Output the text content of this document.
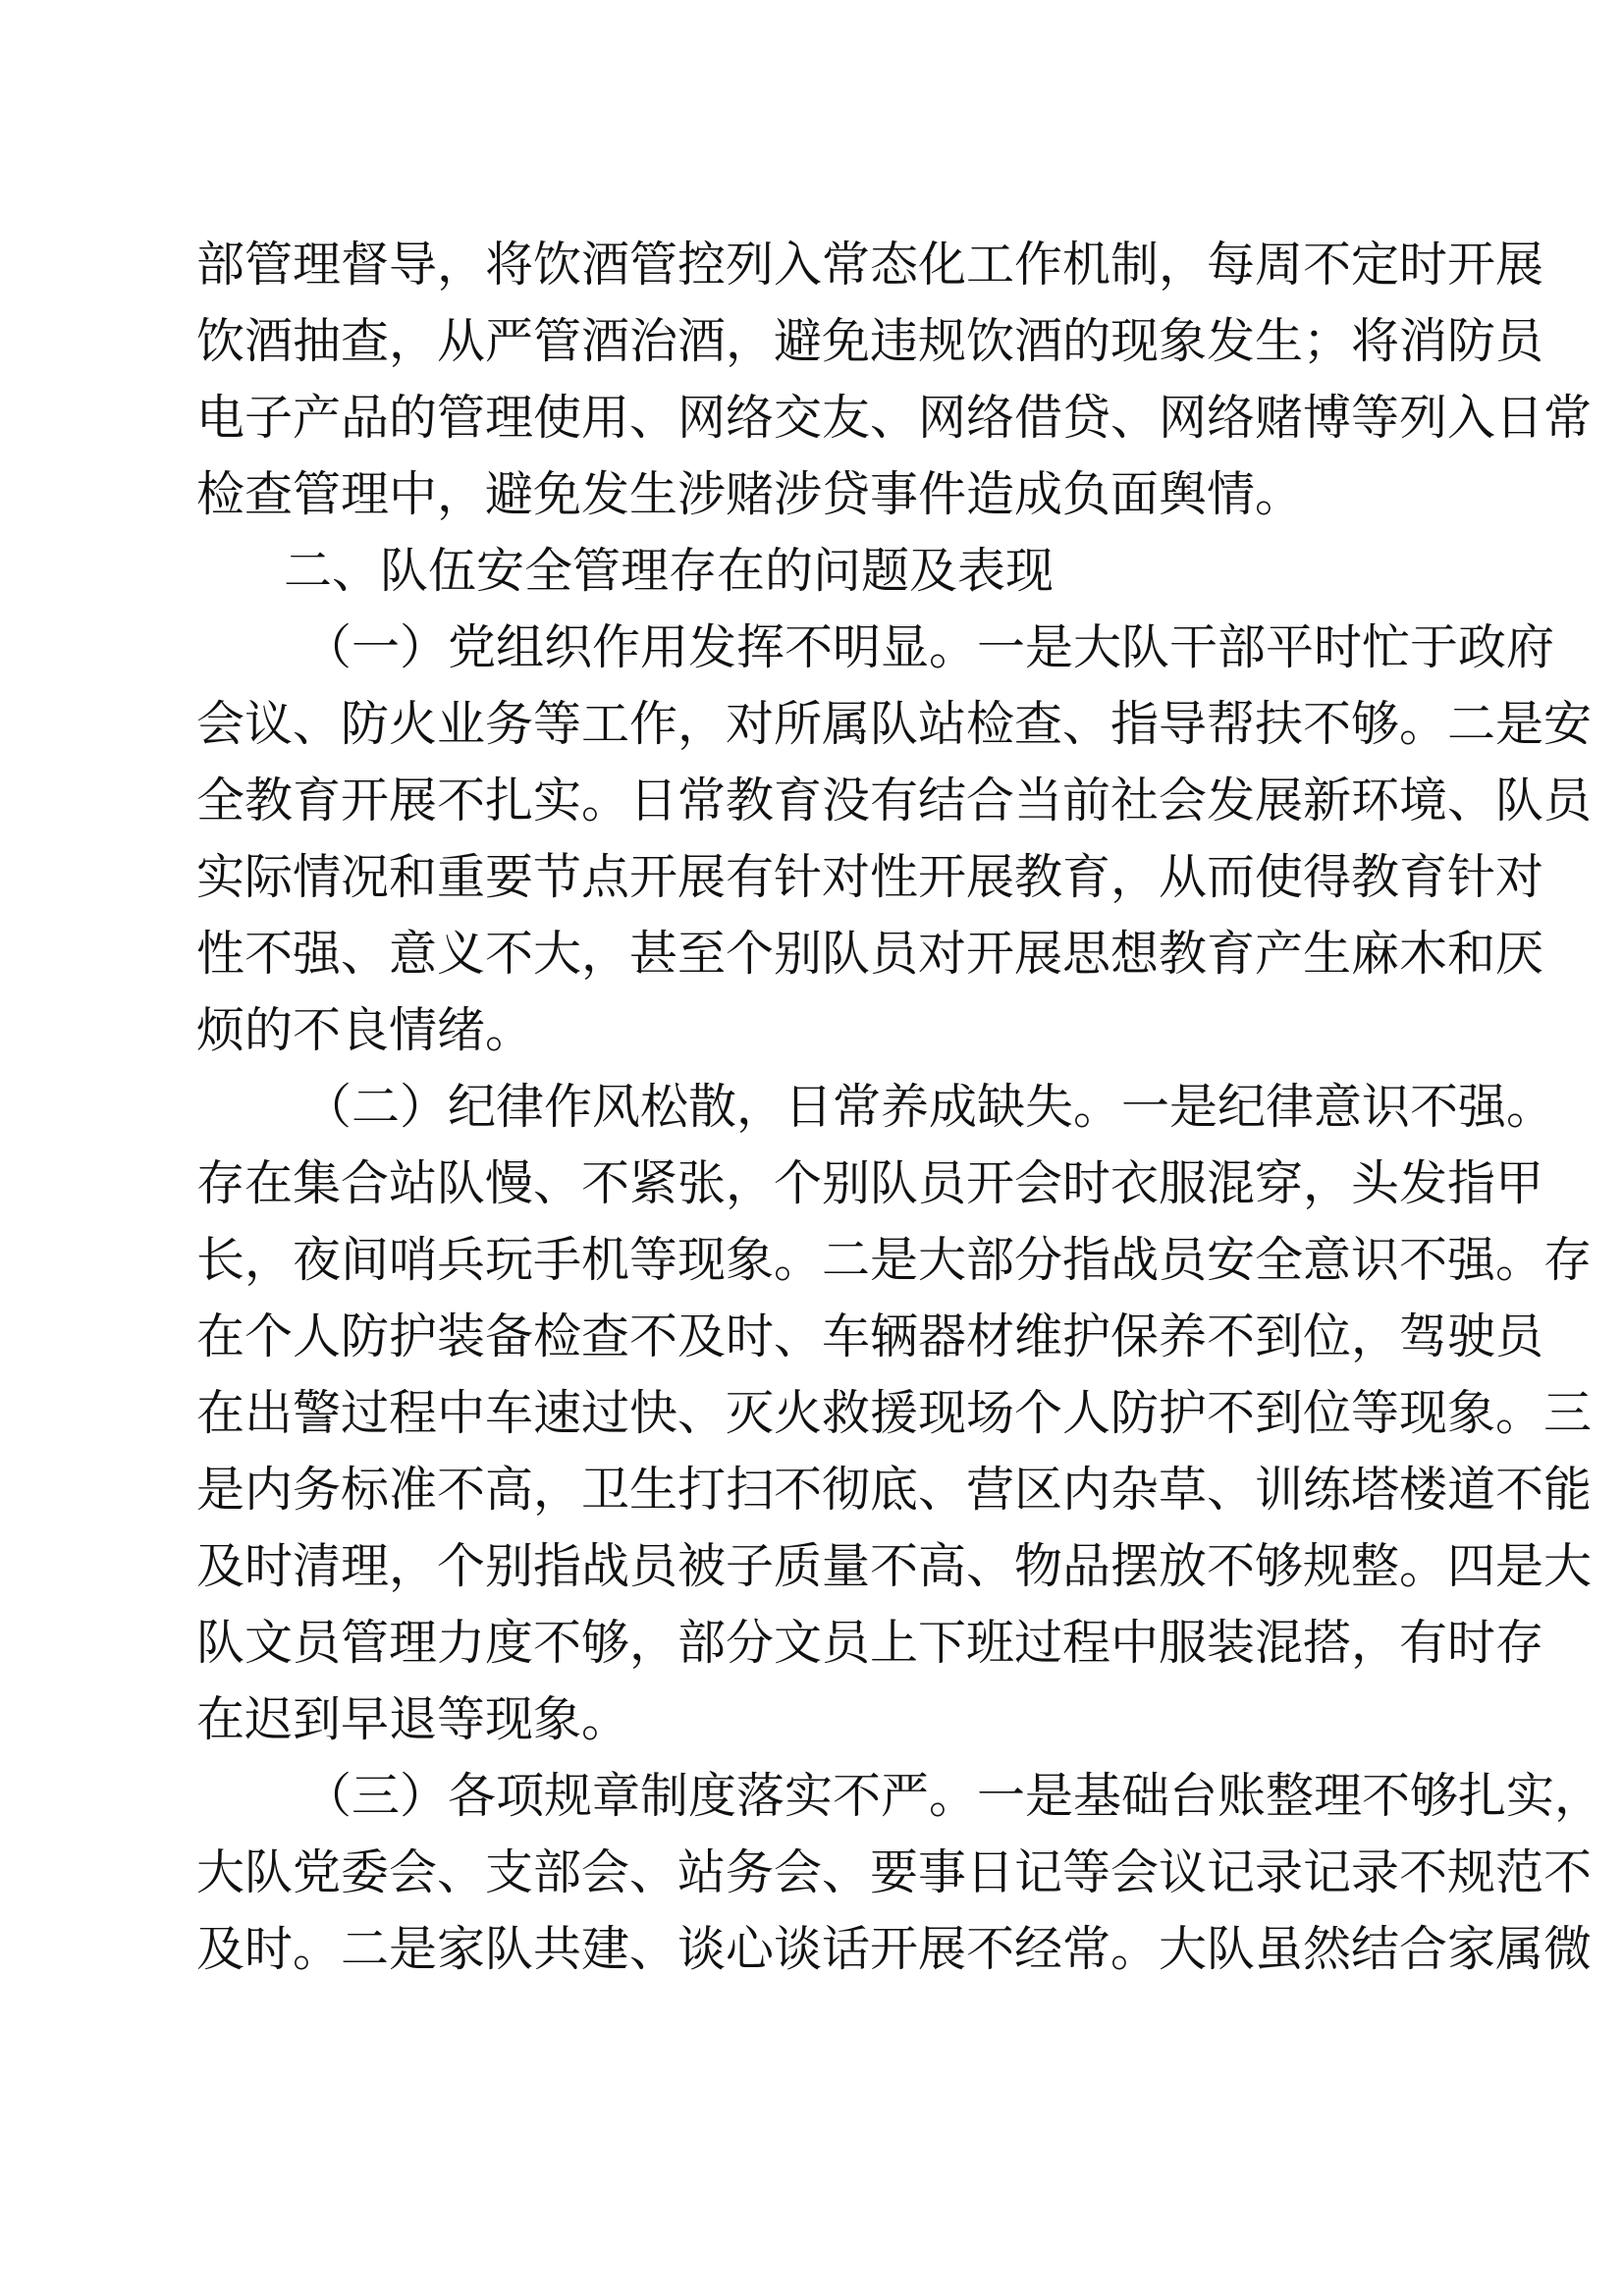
部管理督导，将饮酒管控列入常态化工作机制，每周不定时开展
饮酒抽查，从严管酒治酒，避免违规饮酒的现象发生；将消防员
电子产品的管理使用、网络交友、网络借贷、网络赌博等列入日常
检查管理中，避免发生涉赌涉贷事件造成负面舆情。
二、队伍安全管理存在的问题及表现
（一）党组织作用发挥不明显。一是大队干部平时忙于政府
会议、防火业务等工作，对所属队站检查、指导帮扶不够。二是安
全教育开展不扎实。日常教育没有结合当前社会发展新环境、队员
实际情况和重要节点开展有针对性开展教育，从而使得教育针对
性不强、意义不大，甚至个别队员对开展思想教育产生麻木和厌
烦的不良情绪。
（二）纪律作风松散，日常养成缺失。一是纪律意识不强。
存在集合站队慢、不紧张，个别队员开会时衣服混穿，头发指甲
长，夜间哨兵玩手机等现象。二是大部分指战员安全意识不强。存
在个人防护装备检查不及时、车辆器材维护保养不到位，驾驶员
在出警过程中车速过快、灭火救援现场个人防护不到位等现象。三
是内务标准不高，卫生打扫不彻底、营区内杂草、训练塔楼道不能
及时清理，个别指战员被子质量不高、物品摆放不够规整。四是大
队文员管理力度不够，部分文员上下班过程中服装混搭，有时存
在迟到早退等现象。
（三）各项规章制度落实不严。一是基础台账整理不够扎实，
大队党委会、支部会、站务会、要事日记等会议记录记录不规范不
及时。二是家队共建、谈心谈话开展不经常。大队虽然结合家属微
